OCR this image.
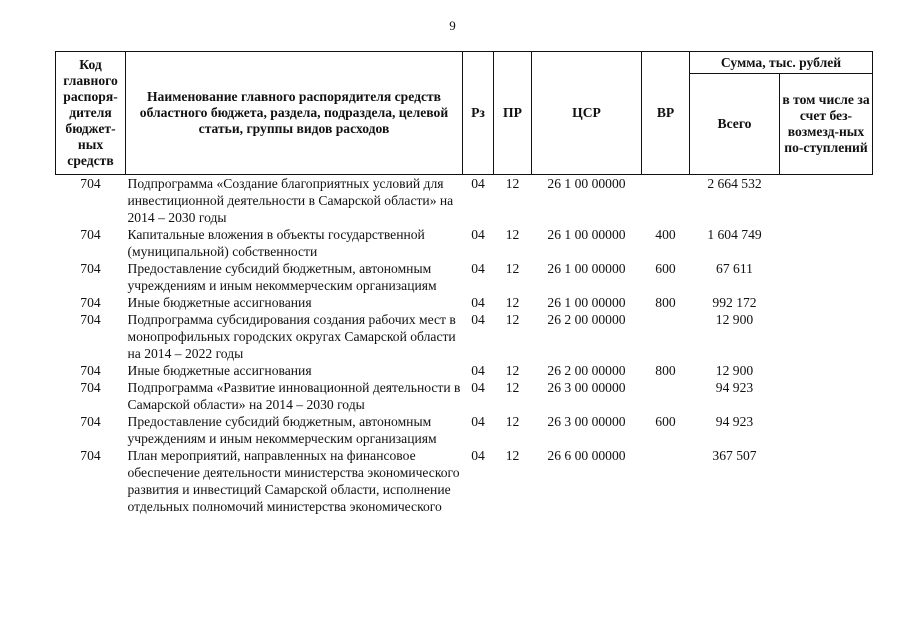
9
Код главного распоря-дителя бюджет-ных средств	Наименование главного распорядителя средств областного бюджета, раздела, подраздела, целевой статьи, группы видов расходов	Рз	ПР	ЦСР	ВР	Сумма, тыс. рублей	
						Всего	в том числе за счет без-возмезд-ных по-ступлений
704	Подпрограмма «Создание благоприятных условий для инвестиционной деятельности в Самарской области» на 2014 – 2030 годы	04	12	26 1 00 00000		2 664 532	
704	Капитальные вложения в объекты государственной (муниципальной) собственности	04	12	26 1 00 00000	400	1 604 749	
704	Предоставление субсидий бюджетным, автономным учреждениям и иным некоммерческим организациям	04	12	26 1 00 00000	600	67 611	
704	Иные бюджетные ассигнования	04	12	26 1 00 00000	800	992 172	
704	Подпрограмма субсидирования создания рабочих мест в монопрофильных городских округах Самарской области на 2014 – 2022 годы	04	12	26 2 00 00000		12 900	
704	Иные бюджетные ассигнования	04	12	26 2 00 00000	800	12 900	
704	Подпрограмма «Развитие инновационной деятельности в Самарской области» на 2014 – 2030 годы	04	12	26 3 00 00000		94 923	
704	Предоставление субсидий бюджетным, автономным учреждениям и иным некоммерческим организациям	04	12	26 3 00 00000	600	94 923	
704	План мероприятий, направленных на финансовое обеспечение деятельности министерства экономического развития и инвестиций Самарской области, исполнение отдельных полномочий министерства экономического	04	12	26 6 00 00000		367 507	
